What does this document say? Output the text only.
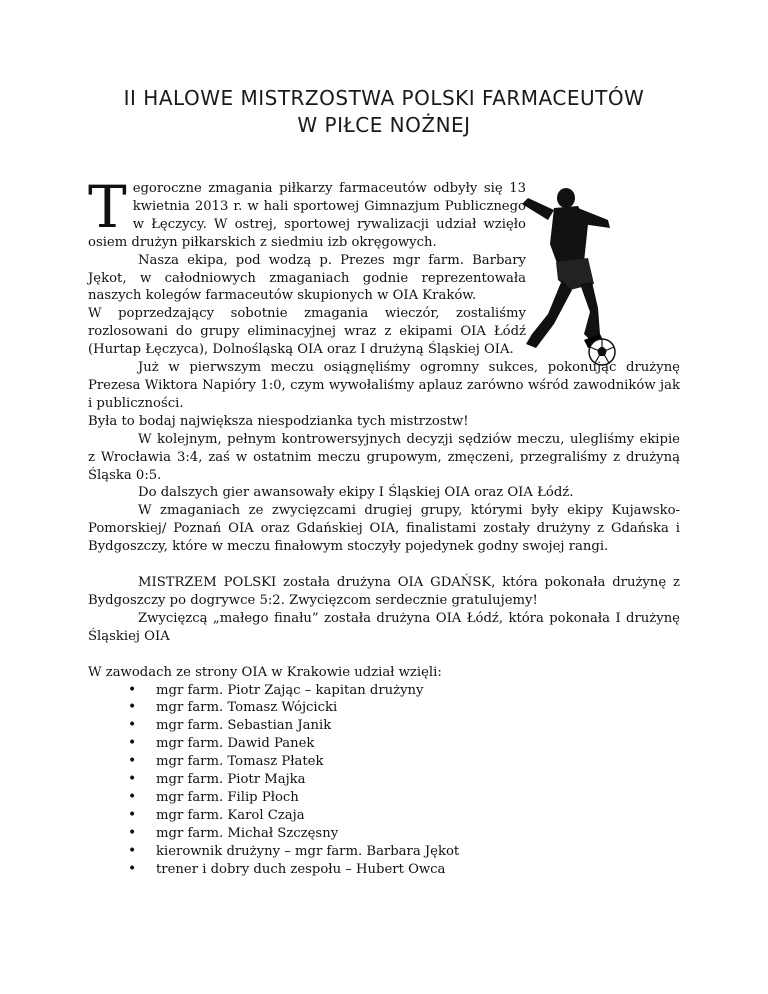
II HALOWE MISTRZOSTWA POLSKI FARMACEUTÓW
W PIŁCE NOŻNEJ

Tegoroczne zmagania piłkarzy farmaceutów odbyły się 13 kwietnia 2013 r. w hali sportowej Gimnazjum Publicznego w Łęczycy. W ostrej, sportowej rywalizacji udział wzięło osiem drużyn piłkarskich z siedmiu izb okręgowych.

Nasza ekipa, pod wodzą p. Prezes mgr farm. Barbary Jękot, w całodniowych zmaganiach godnie reprezentowała naszych kolegów farmaceutów skupionych w OIA Kraków.

W poprzedzający sobotnie zmagania wieczór, zostaliśmy rozlosowani do grupy eliminacyjnej wraz z ekipami OIA Łódź (Hurtap Łęczyca), Dolnośląską OIA oraz I drużyną Śląskiej OIA.

Już w pierwszym meczu osiągnęliśmy ogromny sukces, pokonując drużynę Prezesa Wiktora Napióry 1:0, czym wywołaliśmy aplauz zarówno wśród zawodników jak i publiczności.

Była to bodaj największa niespodzianka tych mistrzostw!

W kolejnym, pełnym kontrowersyjnych decyzji sędziów meczu, ulegliśmy ekipie z Wrocławia 3:4, zaś w ostatnim meczu grupowym, zmęczeni, przegraliśmy z drużyną Śląska 0:5.

Do dalszych gier awansowały ekipy I Śląskiej OIA oraz OIA Łódź.

W zmaganiach ze zwycięzcami drugiej grupy, którymi były ekipy Kujawsko-Pomorskiej/ Poznań OIA oraz Gdańskiej OIA, finalistami zostały drużyny z Gdańska i Bydgoszczy, które w meczu finałowym stoczyły pojedynek godny swojej rangi.

MISTRZEM POLSKI została drużyna OIA GDAŃSK, która pokonała drużynę z Bydgoszczy po dogrywce 5:2. Zwycięzcom serdecznie gratulujemy!

Zwycięzcą „małego finału” została drużyna OIA Łódź, która pokonała I drużynę Śląskiej OIA

W zawodach ze strony OIA w Krakowie udział wzięli:

• mgr farm. Piotr Zając – kapitan drużyny
• mgr farm. Tomasz Wójcicki
• mgr farm. Sebastian Janik
• mgr farm. Dawid Panek
• mgr farm. Tomasz Płatek
• mgr farm. Piotr Majka
• mgr farm. Filip Płoch
• mgr farm. Karol Czaja
• mgr farm. Michał Szczęsny
• kierownik drużyny – mgr farm. Barbara Jękot
• trener i dobry duch zespołu – Hubert Owca
